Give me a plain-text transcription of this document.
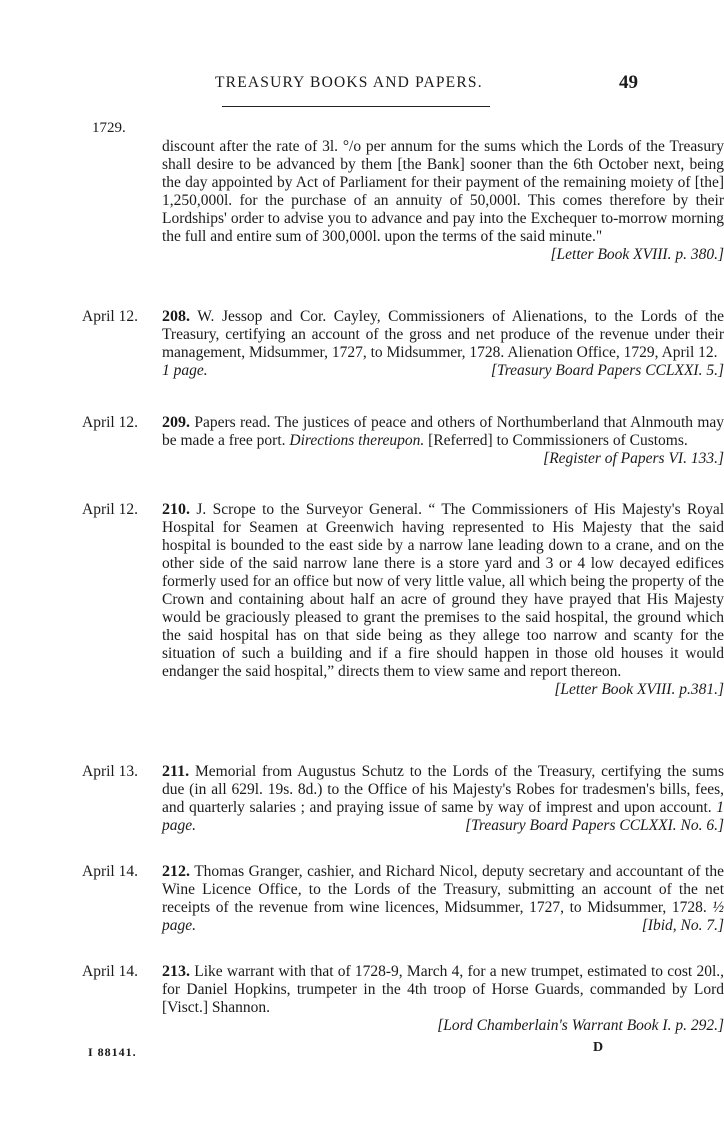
TREASURY BOOKS AND PAPERS.	49
1729.
discount after the rate of 3l. °/o per annum for the sums which the Lords of the Treasury shall desire to be advanced by them [the Bank] sooner than the 6th October next, being the day appointed by Act of Parliament for their payment of the remaining moiety of [the] 1,250,000l. for the purchase of an annuity of 50,000l. This comes therefore by their Lordships' order to advise you to advance and pay into the Exchequer to-morrow morning the full and entire sum of 300,000l. upon the terms of the said minute."
[Letter Book XVIII. p. 380.]
April 12. 208. W. Jessop and Cor. Cayley, Commissioners of Alienations, to the Lords of the Treasury, certifying an account of the gross and net produce of the revenue under their management, Midsummer, 1727, to Midsummer, 1728. Alienation Office, 1729, April 12.
1 page.	[Treasury Board Papers CCLXXI. 5.]
April 12. 209. Papers read. The justices of peace and others of Northumberland that Alnmouth may be made a free port. Directions thereupon. [Referred] to Commissioners of Customs.
[Register of Papers VI. 133.]
April 12. 210. J. Scrope to the Surveyor General. “ The Commissioners of His Majesty's Royal Hospital for Seamen at Greenwich having represented to His Majesty that the said hospital is bounded to the east side by a narrow lane leading down to a crane, and on the other side of the said narrow lane there is a store yard and 3 or 4 low decayed edifices formerly used for an office but now of very little value, all which being the property of the Crown and containing about half an acre of ground they have prayed that His Majesty would be graciously pleased to grant the premises to the said hospital, the ground which the said hospital has on that side being as they allege too narrow and scanty for the situation of such a building and if a fire should happen in those old houses it would endanger the said hospital,” directs them to view same and report thereon.
[Letter Book XVIII. p.381.]
April 13. 211. Memorial from Augustus Schutz to the Lords of the Treasury, certifying the sums due (in all 629l. 19s. 8d.) to the Office of his Majesty's Robes for tradesmen's bills, fees, and quarterly salaries ; and praying issue of same by way of imprest and upon account. 1 page.	[Treasury Board Papers CCLXXI. No. 6.]
April 14. 212. Thomas Granger, cashier, and Richard Nicol, deputy secretary and accountant of the Wine Licence Office, to the Lords of the Treasury, submitting an account of the net receipts of the revenue from wine licences, Midsummer, 1727, to Midsummer, 1728. ½ page.	[Ibid, No. 7.]
April 14. 213. Like warrant with that of 1728-9, March 4, for a new trumpet, estimated to cost 20l., for Daniel Hopkins, trumpeter in the 4th troop of Horse Guards, commanded by Lord [Visct.] Shannon.
[Lord Chamberlain's Warrant Book I. p. 292.]
I 88141.	D
